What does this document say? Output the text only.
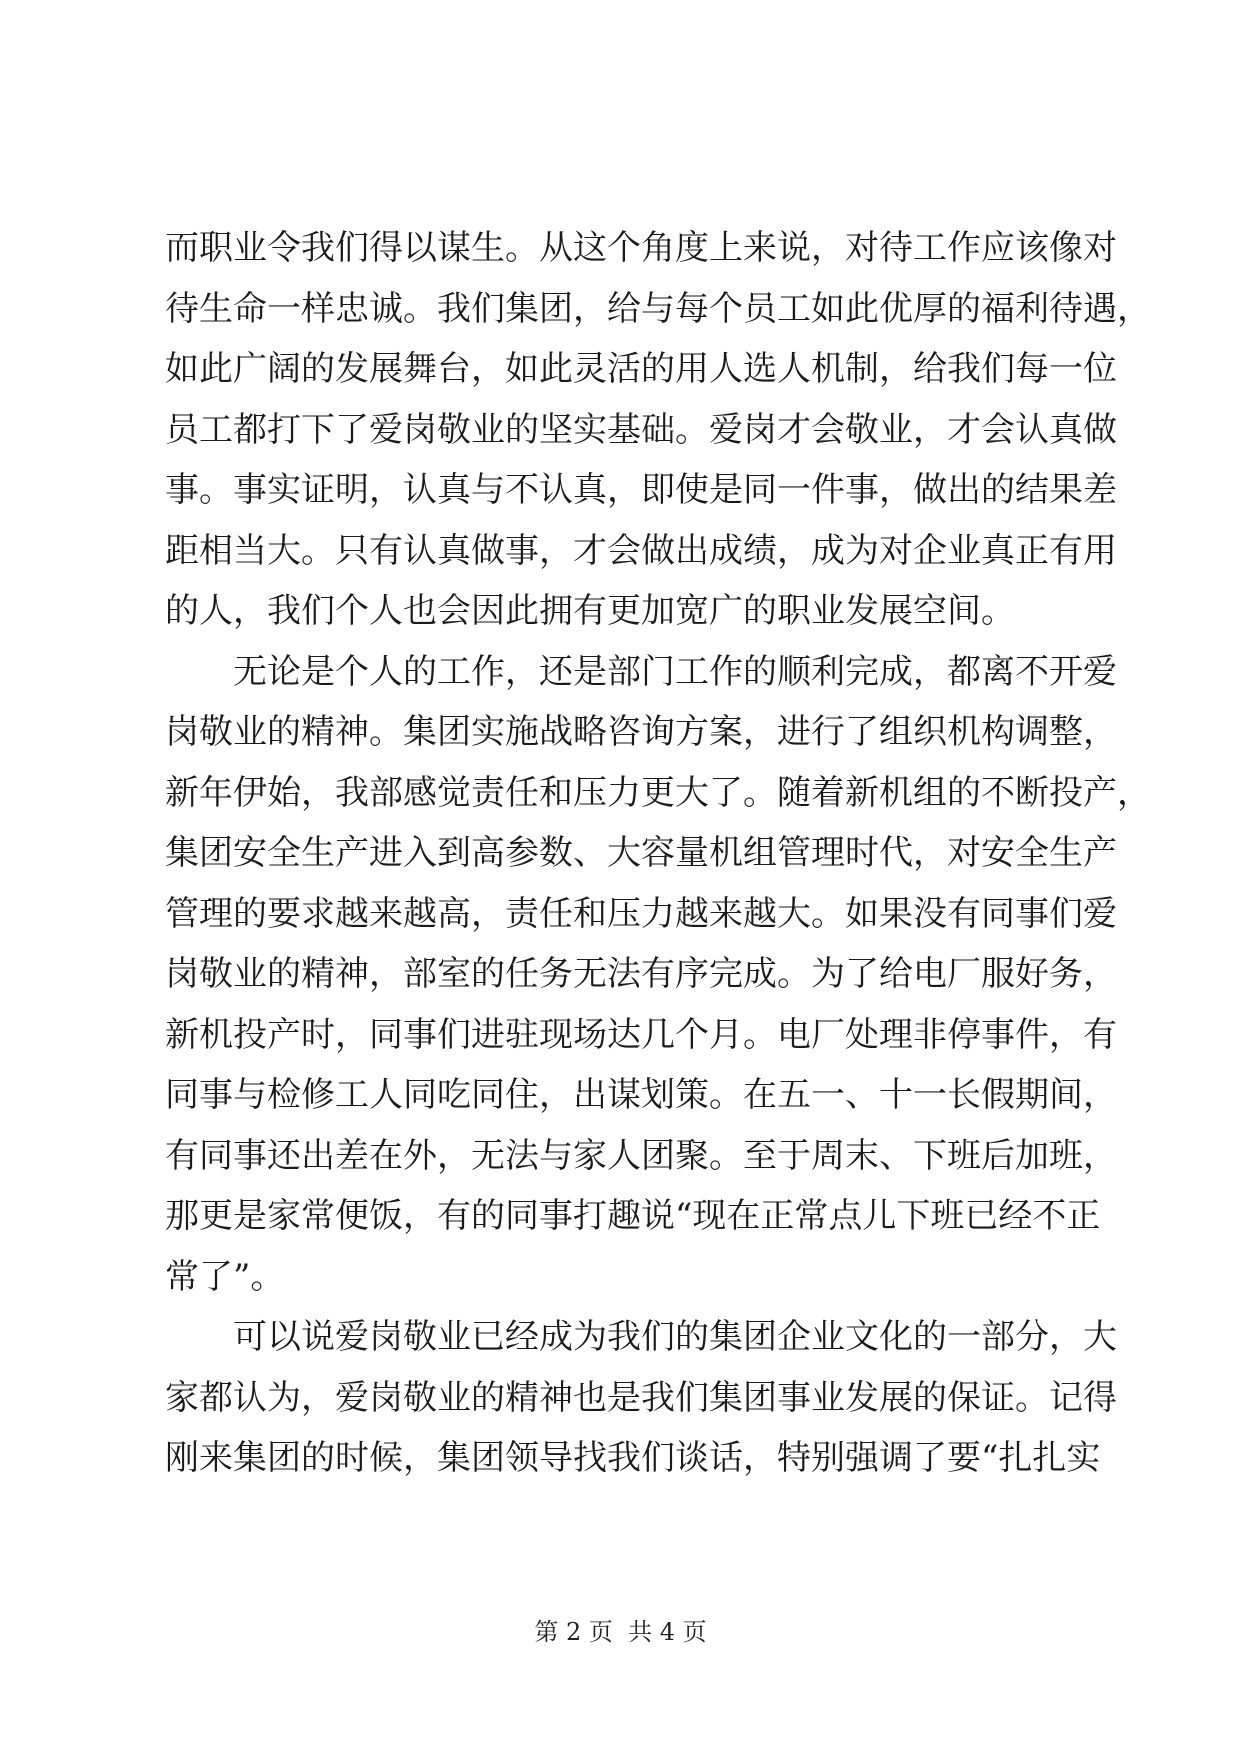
而职业令我们得以谋生。从这个角度上来说，对待工作应该像对
待生命一样忠诚。我们集团，给与每个员工如此优厚的福利待遇，
如此广阔的发展舞台，如此灵活的用人选人机制，给我们每一位
员工都打下了爱岗敬业的坚实基础。爱岗才会敬业，才会认真做
事。事实证明，认真与不认真，即使是同一件事，做出的结果差
距相当大。只有认真做事，才会做出成绩，成为对企业真正有用
的人，我们个人也会因此拥有更加宽广的职业发展空间。
无论是个人的工作，还是部门工作的顺利完成，都离不开爱
岗敬业的精神。集团实施战略咨询方案，进行了组织机构调整，
新年伊始，我部感觉责任和压力更大了。随着新机组的不断投产，
集团安全生产进入到高参数、大容量机组管理时代，对安全生产
管理的要求越来越高，责任和压力越来越大。如果没有同事们爱
岗敬业的精神，部室的任务无法有序完成。为了给电厂服好务，
新机投产时，同事们进驻现场达几个月。电厂处理非停事件，有
同事与检修工人同吃同住，出谋划策。在五一、十一长假期间，
有同事还出差在外，无法与家人团聚。至于周末、下班后加班，
那更是家常便饭，有的同事打趣说“现在正常点儿下班已经不正
常了”。
可以说爱岗敬业已经成为我们的集团企业文化的一部分，大
家都认为，爱岗敬业的精神也是我们集团事业发展的保证。记得
刚来集团的时候，集团领导找我们谈话，特别强调了要“扎扎实
第 2 页  共 4 页
